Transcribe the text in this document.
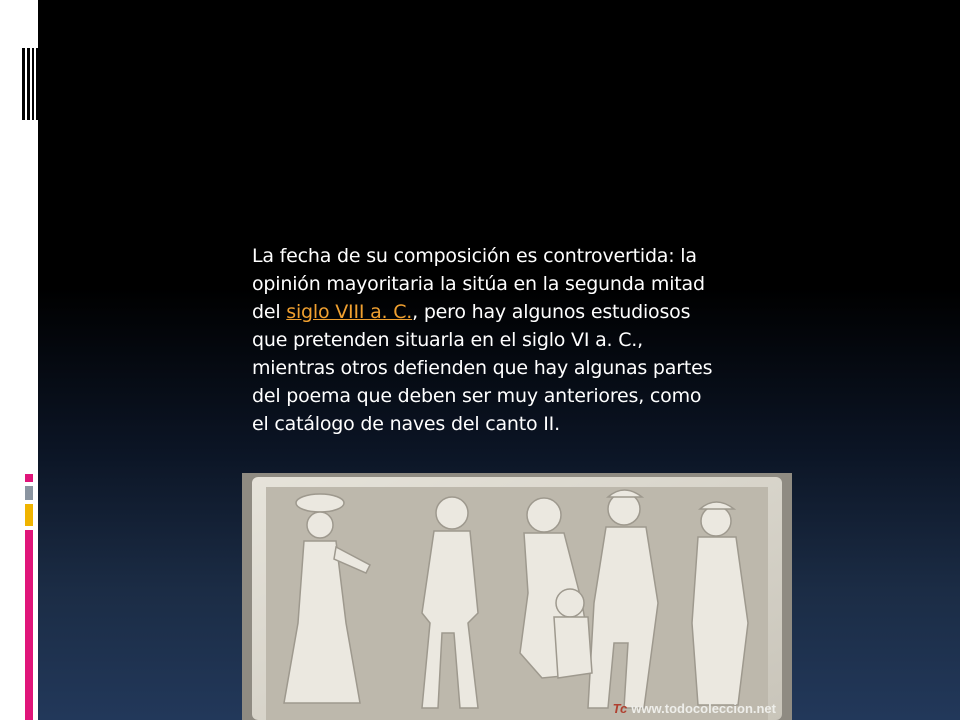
La fecha de su composición es controvertida: la opinión mayoritaria la sitúa en la segunda mitad del siglo VIII a. C., pero hay algunos estudiosos que pretenden situarla en el siglo VI a. C., mientras otros defienden que hay algunas partes del poema que deben ser muy anteriores, como el catálogo de naves del canto II.
Tc www.todocoleccion.net
